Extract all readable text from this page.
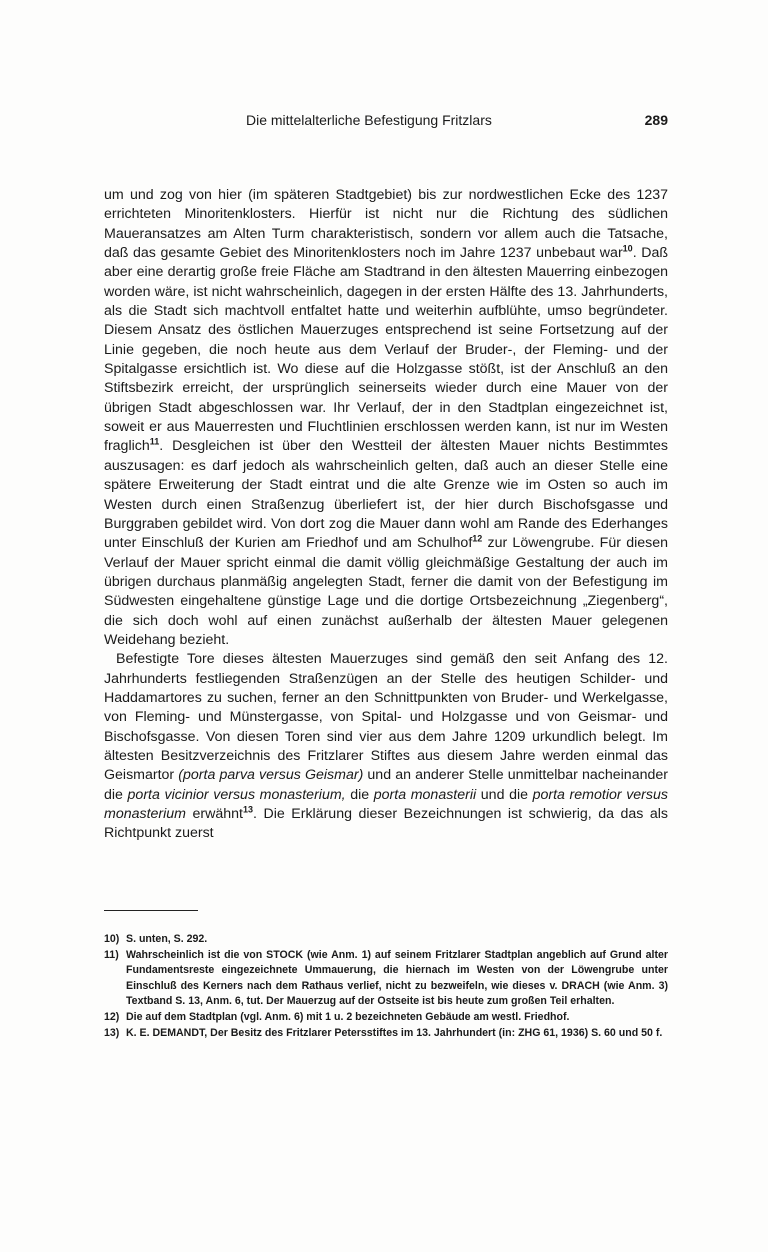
Die mittelalterliche Befestigung Fritzlars	289

um und zog von hier (im späteren Stadtgebiet) bis zur nordwestlichen Ecke des 1237 errichteten Minoritenklosters. Hierfür ist nicht nur die Richtung des südlichen Maueransatzes am Alten Turm charakteristisch, sondern vor allem auch die Tatsache, daß das gesamte Gebiet des Minoritenklosters noch im Jahre 1237 unbebaut war$^{10}$. Daß aber eine derartig große freie Fläche am Stadtrand in den ältesten Mauerring einbezogen worden wäre, ist nicht wahrscheinlich, dagegen in der ersten Hälfte des 13. Jahrhunderts, als die Stadt sich machtvoll entfaltet hatte und weiterhin aufblühte, umso begründeter. Diesem Ansatz des östlichen Mauerzuges entsprechend ist seine Fortsetzung auf der Linie gegeben, die noch heute aus dem Verlauf der Bruder-, der Fleming- und der Spitalgasse ersichtlich ist. Wo diese auf die Holzgasse stößt, ist der Anschluß an den Stiftsbezirk erreicht, der ursprünglich seinerseits wieder durch eine Mauer von der übrigen Stadt abgeschlossen war. Ihr Verlauf, der in den Stadtplan eingezeichnet ist, soweit er aus Mauerresten und Fluchtlinien erschlossen werden kann, ist nur im Westen fraglich$^{11}$. Desgleichen ist über den Westteil der ältesten Mauer nichts Bestimmtes auszusagen: es darf jedoch als wahrscheinlich gelten, daß auch an dieser Stelle eine spätere Erweiterung der Stadt eintrat und die alte Grenze wie im Osten so auch im Westen durch einen Straßenzug überliefert ist, der hier durch Bischofsgasse und Burggraben gebildet wird. Von dort zog die Mauer dann wohl am Rande des Ederhanges unter Einschluß der Kurien am Friedhof und am Schulhof$^{12}$ zur Löwengrube. Für diesen Verlauf der Mauer spricht einmal die damit völlig gleichmäßige Gestaltung der auch im übrigen durchaus planmäßig angelegten Stadt, ferner die damit von der Befestigung im Südwesten eingehaltene günstige Lage und die dortige Ortsbezeichnung „Ziegenberg“, die sich doch wohl auf einen zunächst außerhalb der ältesten Mauer gelegenen Weidehang bezieht.

Befestigte Tore dieses ältesten Mauerzuges sind gemäß den seit Anfang des 12. Jahrhunderts festliegenden Straßenzügen an der Stelle des heutigen Schilder- und Haddamartores zu suchen, ferner an den Schnittpunkten von Bruder- und Werkelgasse, von Fleming- und Münstergasse, von Spital- und Holzgasse und von Geismar- und Bischofsgasse. Von diesen Toren sind vier aus dem Jahre 1209 urkundlich belegt. Im ältesten Besitzverzeichnis des Fritzlarer Stiftes aus diesem Jahre werden einmal das Geismartor (porta parva versus Geismar) und an anderer Stelle unmittelbar nacheinander die porta vicinior versus monasterium, die porta monasterii und die porta remotior versus monasterium erwähnt$^{13}$. Die Erklärung dieser Bezeichnungen ist schwierig, da das als Richtpunkt zuerst

10) S. unten, S. 292.

11) Wahrscheinlich ist die von STOCK (wie Anm. 1) auf seinem Fritzlarer Stadtplan angeblich auf Grund alter Fundamentsreste eingezeichnete Ummauerung, die hiernach im Westen von der Löwengrube unter Einschluß des Kerners nach dem Rathaus verlief, nicht zu bezweifeln, wie dieses v. DRACH (wie Anm. 3) Textband S. 13, Anm. 6, tut. Der Mauerzug auf der Ostseite ist bis heute zum großen Teil erhalten.

12) Die auf dem Stadtplan (vgl. Anm. 6) mit 1 u. 2 bezeichneten Gebäude am westl. Friedhof.

13) K. E. DEMANDT, Der Besitz des Fritzlarer Petersstiftes im 13. Jahrhundert (in: ZHG 61, 1936) S. 60 und 50 f.
